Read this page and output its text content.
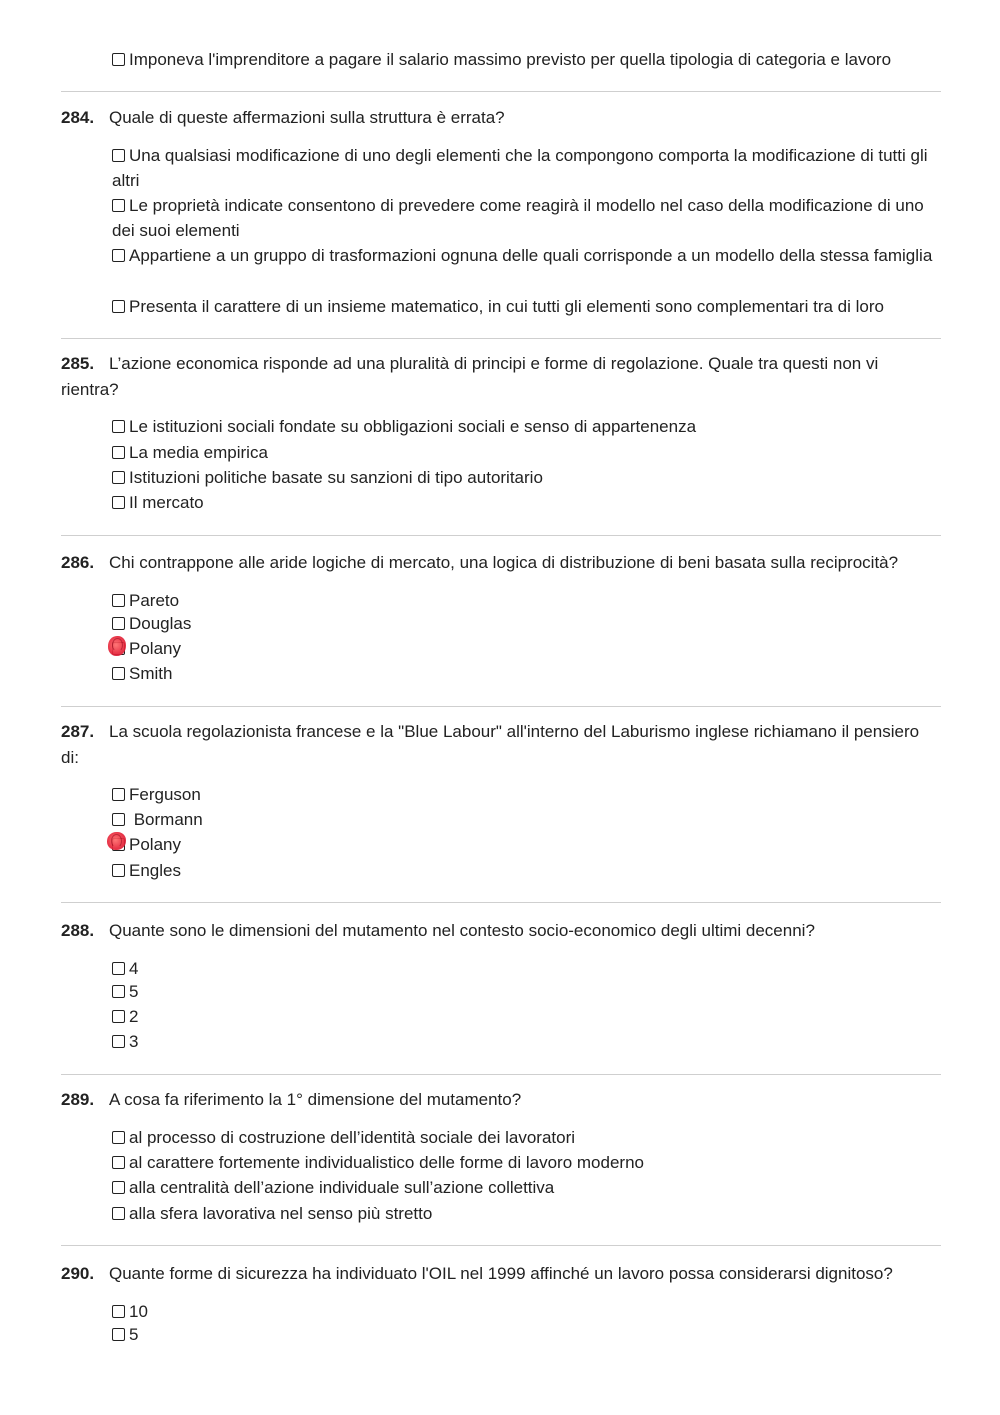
Imponeva l'imprenditore a pagare il salario massimo previsto per quella tipologia di categoria e lavoro
284. Quale di queste affermazioni sulla struttura è errata?
Una qualsiasi modificazione di uno degli elementi che la compongono comporta la modificazione di tutti gli altri
Le proprietà indicate consentono di prevedere come reagirà il modello nel caso della modificazione di uno dei suoi elementi
Appartiene a un gruppo di trasformazioni ognuna delle quali corrisponde a un modello della stessa famiglia
Presenta il carattere di un insieme matematico, in cui tutti gli elementi sono complementari tra di loro
285. L’azione economica risponde ad una pluralità di principi e forme di regolazione. Quale tra questi non vi rientra?
Le istituzioni sociali fondate su obbligazioni sociali e senso di appartenenza
La media empirica
Istituzioni politiche basate su sanzioni di tipo autoritario
Il mercato
286. Chi contrappone alle aride logiche di mercato, una logica di distribuzione di beni basata sulla reciprocità?
Pareto
Douglas
Polany
Smith
287. La scuola regolazionista francese e la "Blue Labour" all'interno del Laburismo inglese richiamano il pensiero di:
Ferguson
Bormann
Polany
Engles
288. Quante sono le dimensioni del mutamento nel contesto socio-economico degli ultimi decenni?
4
5
2
3
289. A cosa fa riferimento la 1° dimensione del mutamento?
al processo di costruzione dell’identità sociale dei lavoratori
al carattere fortemente individualistico delle forme di lavoro moderno
alla centralità dell’azione individuale sull’azione collettiva
alla sfera lavorativa nel senso più stretto
290. Quante forme di sicurezza ha individuato l'OIL nel 1999 affinché un lavoro possa considerarsi dignitoso?
10
5
